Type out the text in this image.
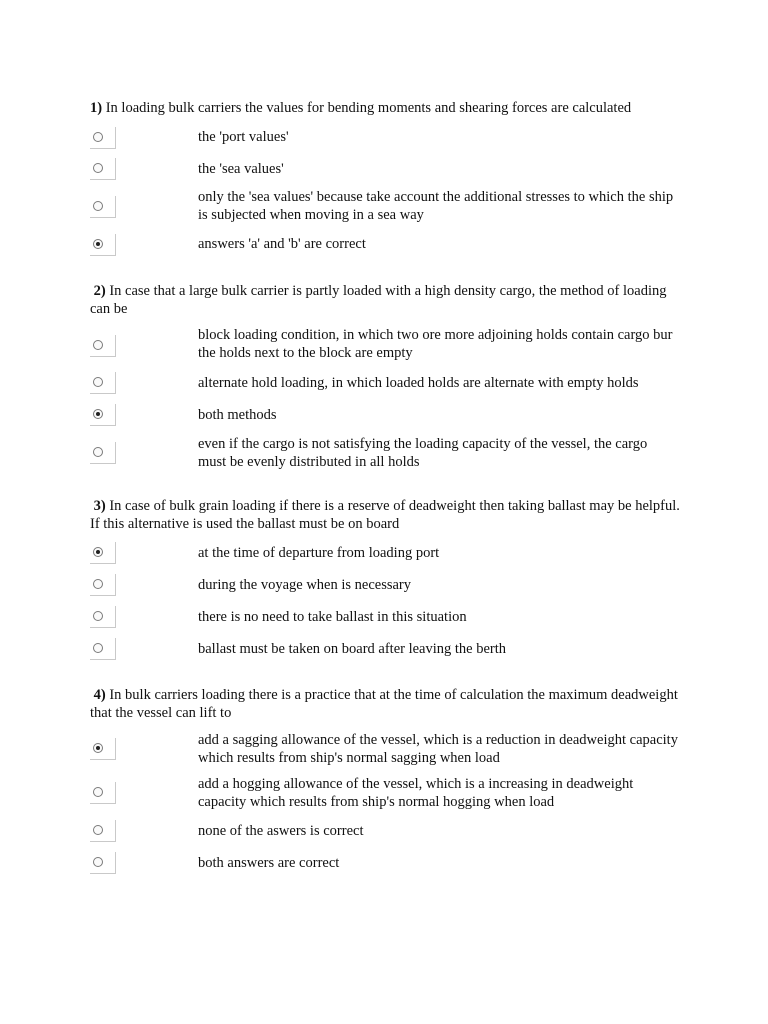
1) In loading bulk carriers the values for bending moments and shearing forces are calculated

the 'port values'
the 'sea values'
only the 'sea values' because take account the additional stresses to which the ship is subjected when moving in a sea way
answers 'a' and 'b' are correct

2) In case that a large bulk carrier is partly loaded with a high density cargo, the method of loading can be

block loading condition, in which two ore more adjoining holds contain cargo bur the holds next to the block are empty
alternate hold loading, in which loaded holds are alternate with empty holds
both methods
even if the cargo is not satisfying the loading capacity of the vessel, the cargo must be evenly distributed in all holds

3) In case of bulk grain loading if there is a reserve of deadweight then taking ballast may be helpful. If this alternative is used the ballast must be on board

at the time of departure from loading port
during the voyage when is necessary
there is no need to take ballast in this situation
ballast must be taken on board after leaving the berth

4) In bulk carriers loading there is a practice that at the time of calculation the maximum deadweight that the vessel can lift to

add a sagging allowance of the vessel, which is a reduction in deadweight capacity which results from ship's normal sagging when load
add a hogging allowance of the vessel, which is a increasing in deadweight capacity which results from ship's normal hogging when load
none of the aswers is correct
both answers are correct
